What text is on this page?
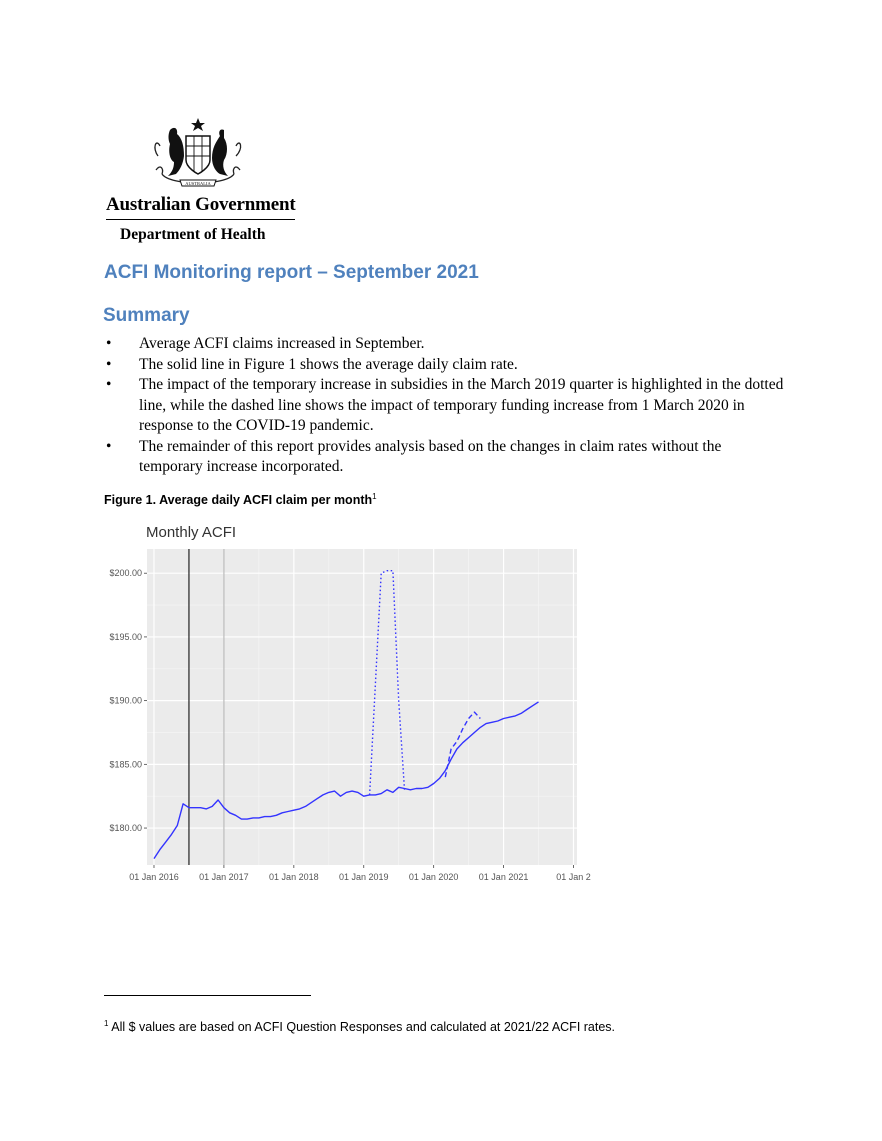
AUSTRALIA
Australian Government
Department of Health
ACFI Monitoring report – September 2021
Summary
• Average ACFI claims increased in September.
• The solid line in Figure 1 shows the average daily claim rate.
• The impact of the temporary increase in subsidies in the March 2019 quarter is highlighted in the dotted line, while the dashed line shows the impact of temporary funding increase from 1 March 2020 in response to the COVID-19 pandemic.
• The remainder of this report provides analysis based on the changes in claim rates without the temporary increase incorporated.
Figure 1. Average daily ACFI claim per month$^1$
Monthly ACFI
$180.00
$185.00
$190.00
$195.00
$200.00
01 Jan 2016 01 Jan 2017 01 Jan 2018 01 Jan 2019 01 Jan 2020 01 Jan 2021	01 Jan 2
$^1$ All $ values are based on ACFI Question Responses and calculated at 2021/22 ACFI rates.
